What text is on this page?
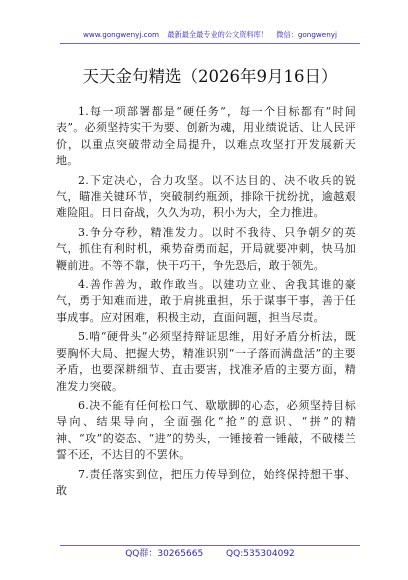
www.gongwenyj.com 最新最全最专业的公文资料库！ 微信：gongwenyj
天天金句精选（2026年9月16日）

1.每一项部署都是“硬任务”，每一个目标都有“时间表”。必须坚持实干为要、创新为魂，用业绩说话、让人民评价，以重点突破带动全局提升，以难点攻坚打开发展新天地。

2.下定决心，合力攻坚。以不达目的、决不收兵的锐气，瞄准关键环节，突破制约瓶颈，排除干扰纷扰，逾越艰难险阻。日日奋战，久久为功，积小为大，全力推进。

3.争分夺秒，精准发力。以时不我待、只争朝夕的英气，抓住有利时机，乘势奋勇而起，开局就要冲刺，快马加鞭前进。不等不靠，快干巧干，争先恐后，敢于领先。

4.善作善为，敢作敢当。以建功立业、舍我其谁的豪气，勇于知难而进，敢于肩挑重担，乐于谋事干事，善于任事成事。应对困难，积极主动，直面问题，担当尽责。

5.啃“硬骨头”必须坚持辩证思维，用好矛盾分析法，既要胸怀大局、把握大势，精准识别“一子落而满盘活”的主要矛盾，也要深耕细节、直击要害，找准矛盾的主要方面，精准发力突破。

6.决不能有任何松口气、歇歇脚的心态，必须坚持目标导向、结果导向，全面强化“抢”的意识、“拼”的精神、“攻”的姿态、“进”的势头，一锤接着一锤敲，不破楼兰誓不还，不达目的不罢休。

7.责任落实到位，把压力传导到位，始终保持想干事、敢

QQ群：30265665	QQ:535304092
